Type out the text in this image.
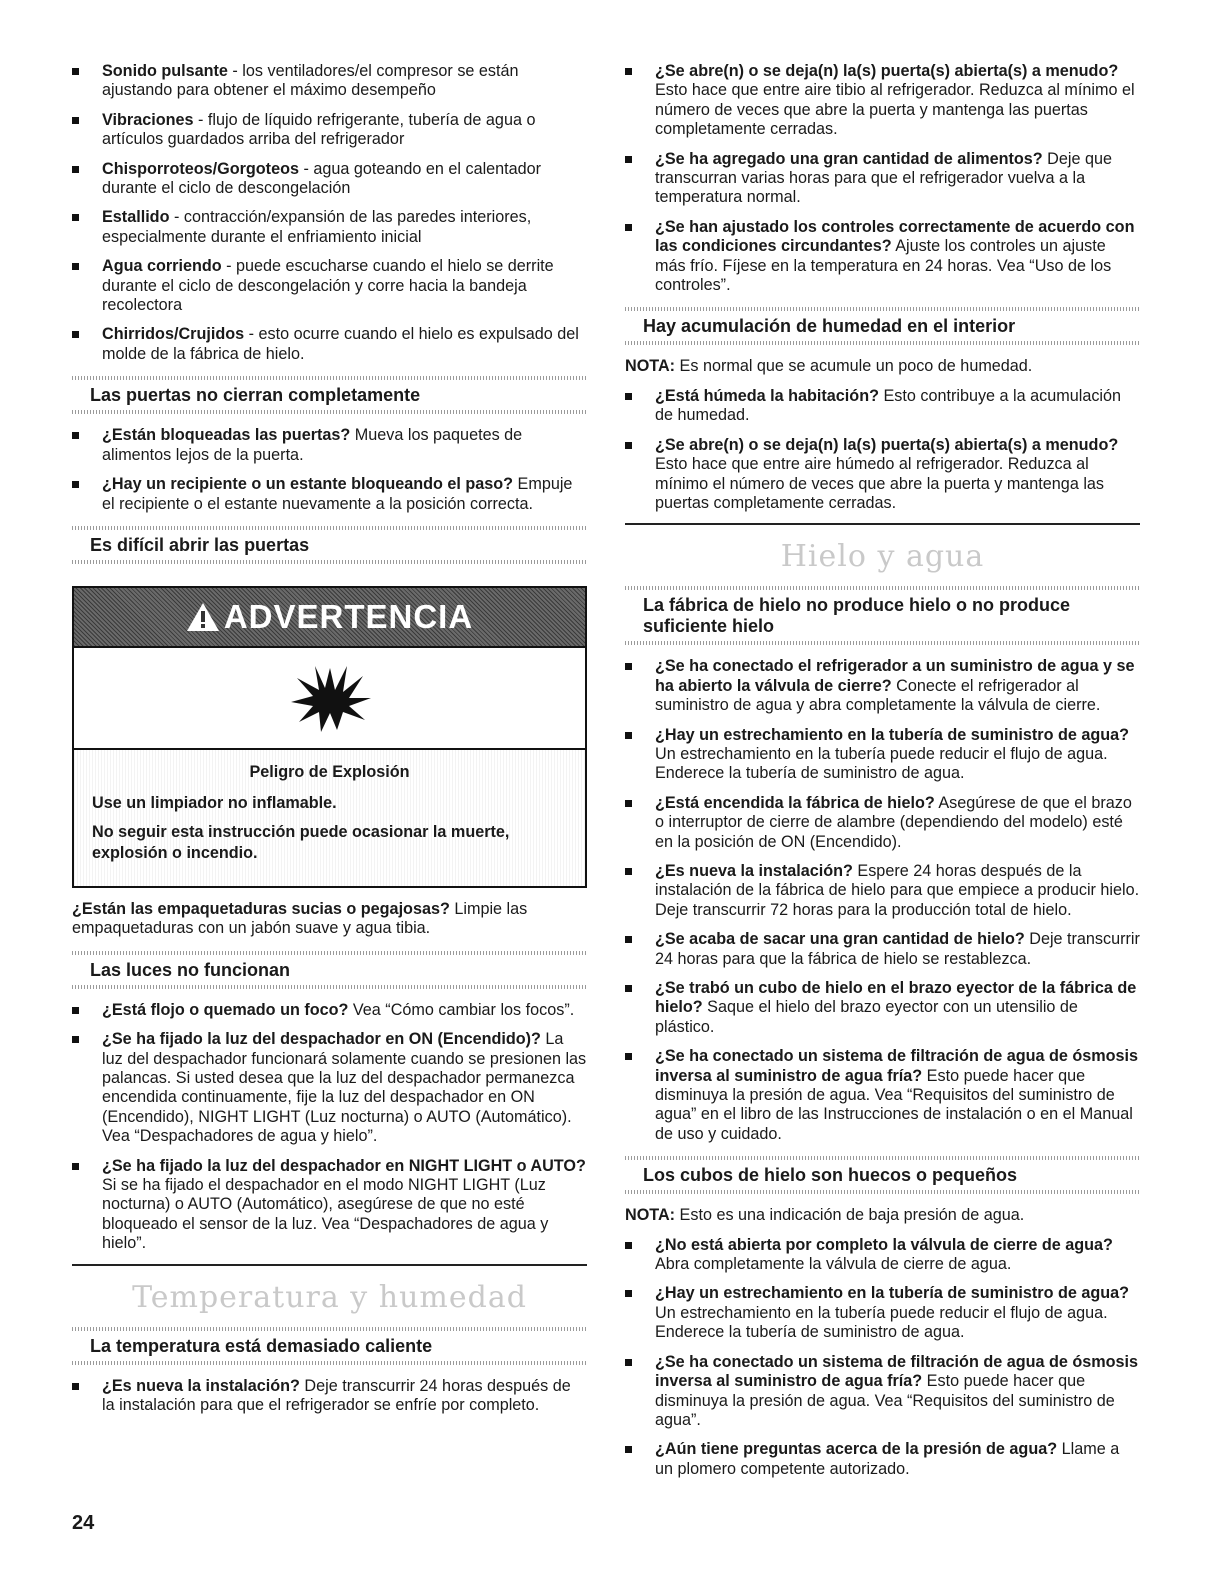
Sonido pulsante - los ventiladores/el compresor se están ajustando para obtener el máximo desempeño
Vibraciones - flujo de líquido refrigerante, tubería de agua o artículos guardados arriba del refrigerador
Chisporroteos/Gorgoteos - agua goteando en el calentador durante el ciclo de descongelación
Estallido - contracción/expansión de las paredes interiores, especialmente durante el enfriamiento inicial
Agua corriendo - puede escucharse cuando el hielo se derrite durante el ciclo de descongelación y corre hacia la bandeja recolectora
Chirridos/Crujidos - esto ocurre cuando el hielo es expulsado del molde de la fábrica de hielo.
Las puertas no cierran completamente
¿Están bloqueadas las puertas? Mueva los paquetes de alimentos lejos de la puerta.
¿Hay un recipiente o un estante bloqueando el paso? Empuje el recipiente o el estante nuevamente a la posición correcta.
Es difícil abrir las puertas
ADVERTENCIA
Peligro de Explosión

Use un limpiador no inflamable.

No seguir esta instrucción puede ocasionar la muerte, explosión o incendio.

¿Están las empaquetaduras sucias o pegajosas? Limpie las empaquetaduras con un jabón suave y agua tibia.

Las luces no funcionan
¿Está flojo o quemado un foco? Vea “Cómo cambiar los focos”.
¿Se ha fijado la luz del despachador en ON (Encendido)? La luz del despachador funcionará solamente cuando se presionen las palancas. Si usted desea que la luz del despachador permanezca encendida continuamente, fije la luz del despachador en ON (Encendido), NIGHT LIGHT (Luz nocturna) o AUTO (Automático). Vea “Despachadores de agua y hielo”.
¿Se ha fijado la luz del despachador en NIGHT LIGHT o AUTO? Si se ha fijado el despachador en el modo NIGHT LIGHT (Luz nocturna) o AUTO (Automático), asegúrese de que no esté bloqueado el sensor de la luz. Vea “Despachadores de agua y hielo”.
Temperatura y humedad
La temperatura está demasiado caliente
¿Es nueva la instalación? Deje transcurrir 24 horas después de la instalación para que el refrigerador se enfríe por completo.
¿Se abre(n) o se deja(n) la(s) puerta(s) abierta(s) a menudo? Esto hace que entre aire tibio al refrigerador. Reduzca al mínimo el número de veces que abre la puerta y mantenga las puertas completamente cerradas.
¿Se ha agregado una gran cantidad de alimentos? Deje que transcurran varias horas para que el refrigerador vuelva a la temperatura normal.
¿Se han ajustado los controles correctamente de acuerdo con las condiciones circundantes? Ajuste los controles un ajuste más frío. Fíjese en la temperatura en 24 horas. Vea “Uso de los controles”.
Hay acumulación de humedad en el interior

NOTA: Es normal que se acumule un poco de humedad.

¿Está húmeda la habitación? Esto contribuye a la acumulación de humedad.
¿Se abre(n) o se deja(n) la(s) puerta(s) abierta(s) a menudo? Esto hace que entre aire húmedo al refrigerador. Reduzca al mínimo el número de veces que abre la puerta y mantenga las puertas completamente cerradas.
Hielo y agua
La fábrica de hielo no produce hielo o no produce suficiente hielo
¿Se ha conectado el refrigerador a un suministro de agua y se ha abierto la válvula de cierre? Conecte el refrigerador al suministro de agua y abra completamente la válvula de cierre.
¿Hay un estrechamiento en la tubería de suministro de agua? Un estrechamiento en la tubería puede reducir el flujo de agua. Enderece la tubería de suministro de agua.
¿Está encendida la fábrica de hielo? Asegúrese de que el brazo o interruptor de cierre de alambre (dependiendo del modelo) esté en la posición de ON (Encendido).
¿Es nueva la instalación? Espere 24 horas después de la instalación de la fábrica de hielo para que empiece a producir hielo. Deje transcurrir 72 horas para la producción total de hielo.
¿Se acaba de sacar una gran cantidad de hielo? Deje transcurrir 24 horas para que la fábrica de hielo se restablezca.
¿Se trabó un cubo de hielo en el brazo eyector de la fábrica de hielo? Saque el hielo del brazo eyector con un utensilio de plástico.
¿Se ha conectado un sistema de filtración de agua de ósmosis inversa al suministro de agua fría? Esto puede hacer que disminuya la presión de agua. Vea “Requisitos del suministro de agua” en el libro de las Instrucciones de instalación o en el Manual de uso y cuidado.
Los cubos de hielo son huecos o pequeños

NOTA: Esto es una indicación de baja presión de agua.

¿No está abierta por completo la válvula de cierre de agua? Abra completamente la válvula de cierre de agua.
¿Hay un estrechamiento en la tubería de suministro de agua? Un estrechamiento en la tubería puede reducir el flujo de agua. Enderece la tubería de suministro de agua.
¿Se ha conectado un sistema de filtración de agua de ósmosis inversa al suministro de agua fría? Esto puede hacer que disminuya la presión de agua. Vea “Requisitos del suministro de agua”.
¿Aún tiene preguntas acerca de la presión de agua? Llame a un plomero competente autorizado.
24
